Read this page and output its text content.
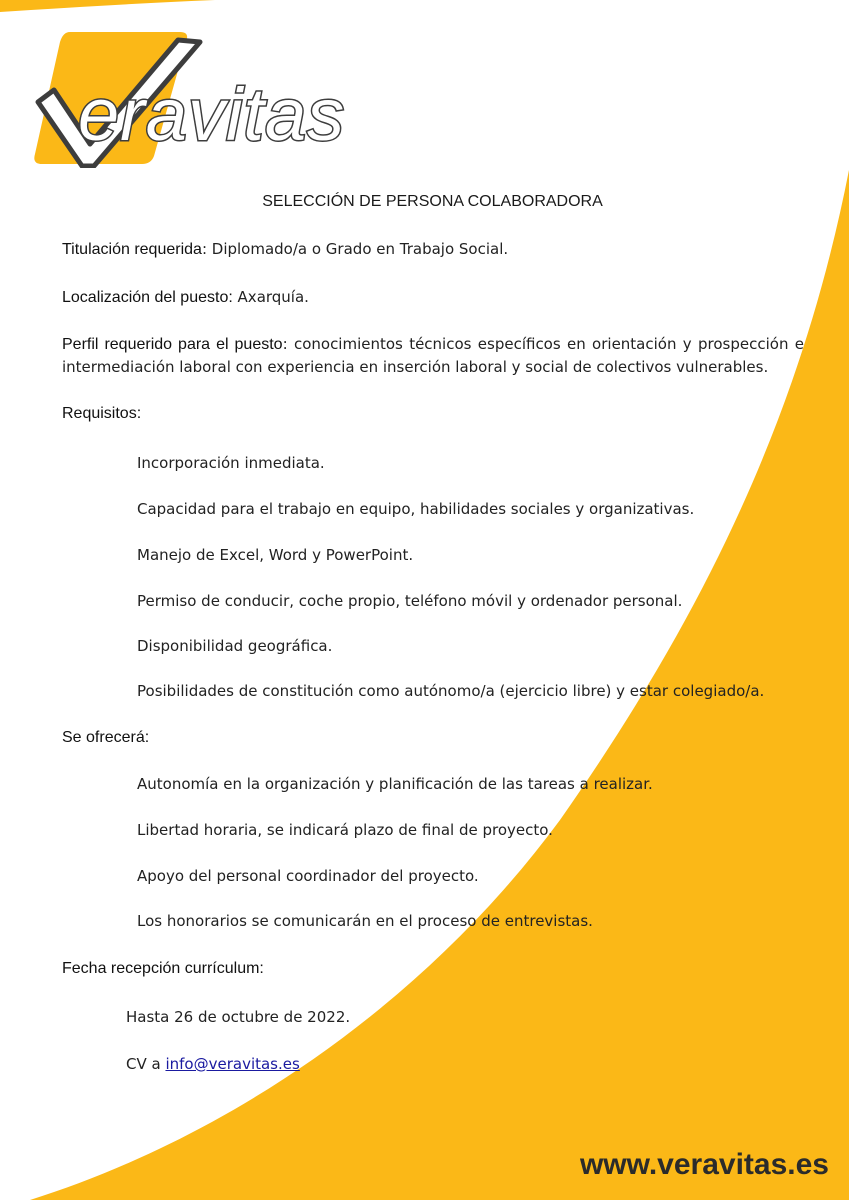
eravitas
SELECCIÓN DE PERSONA COLABORADORA
Titulación requerida: Diplomado/a o Grado en Trabajo Social.
Localización del puesto: Axarquía.
Perfil requerido para el puesto: conocimientos técnicos específicos en orientación y prospección e intermediación laboral con experiencia en inserción laboral y social de colectivos vulnerables.
Requisitos:
Incorporación inmediata.
Capacidad para el trabajo en equipo, habilidades sociales y organizativas.
Manejo de Excel, Word y PowerPoint.
Permiso de conducir, coche propio, teléfono móvil y ordenador personal.
Disponibilidad geográfica.
Posibilidades de constitución como autónomo/a (ejercicio libre) y estar colegiado/a.
Se ofrecerá:
Autonomía en la organización y planificación de las tareas a realizar.
Libertad horaria, se indicará plazo de final de proyecto.
Apoyo del personal coordinador del proyecto.
Los honorarios se comunicarán en el proceso de entrevistas.
Fecha recepción currículum:
Hasta 26 de octubre de 2022.
CV a info@veravitas.es
www.veravitas.es
